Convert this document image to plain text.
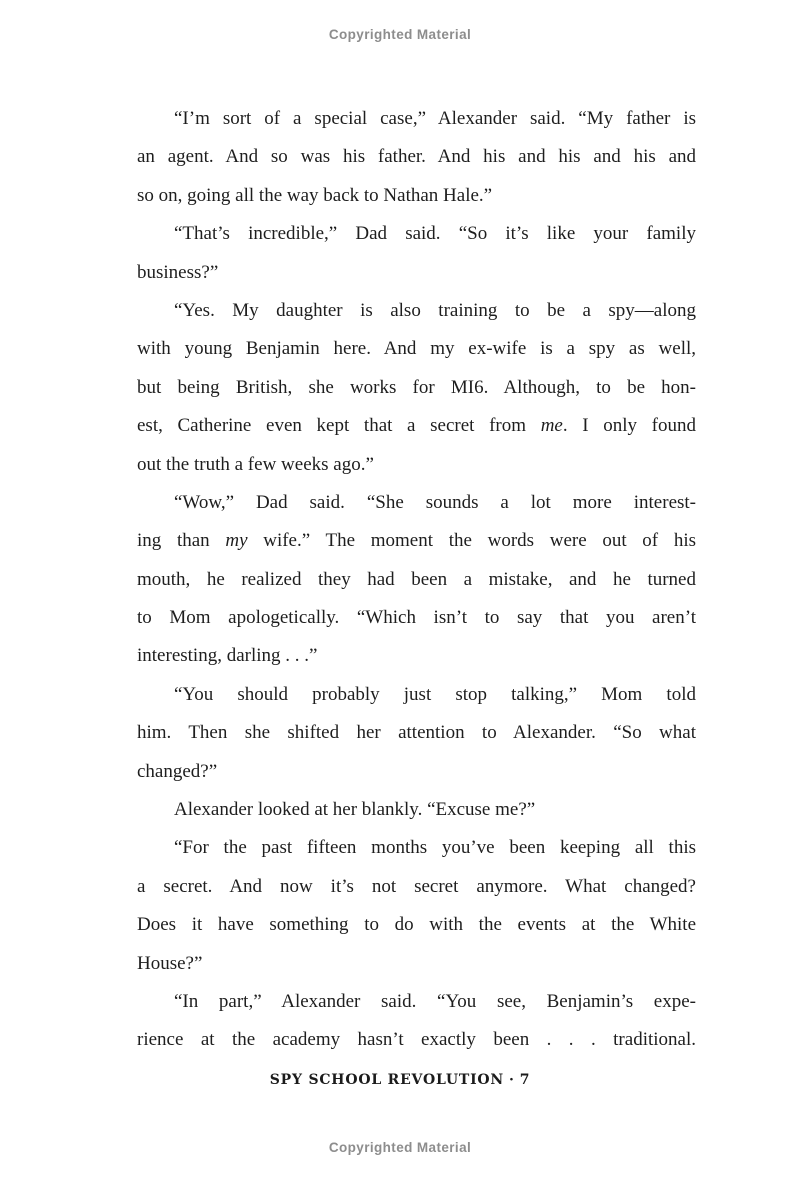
Copyrighted Material
“I’m sort of a special case,” Alexander said. “My father is
an agent. And so was his father. And his and his and his and
so on, going all the way back to Nathan Hale.”
“That’s incredible,” Dad said. “So it’s like your family
business?”
“Yes. My daughter is also training to be a spy—along
with young Benjamin here. And my ex-wife is a spy as well,
but being British, she works for MI6. Although, to be hon-
est, Catherine even kept that a secret from me. I only found
out the truth a few weeks ago.”
“Wow,” Dad said. “She sounds a lot more interest-
ing than my wife.” The moment the words were out of his
mouth, he realized they had been a mistake, and he turned
to Mom apologetically. “Which isn’t to say that you aren’t
interesting, darling . . .”
“You should probably just stop talking,” Mom told
him. Then she shifted her attention to Alexander. “So what
changed?”
Alexander looked at her blankly. “Excuse me?”
“For the past fifteen months you’ve been keeping all this
a secret. And now it’s not secret anymore. What changed?
Does it have something to do with the events at the White
House?”
“In part,” Alexander said. “You see, Benjamin’s expe-
rience at the academy hasn’t exactly been . . . traditional.
SPY SCHOOL REVOLUTION · 7
Copyrighted Material
